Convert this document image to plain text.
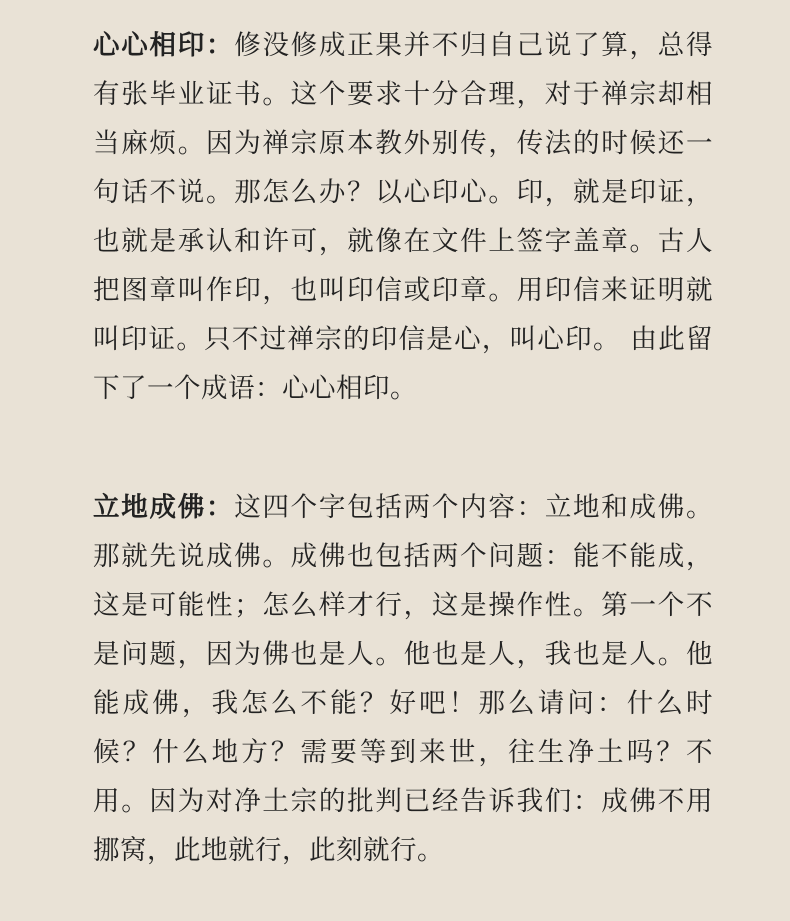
心心相印：修没修成正果并不归自己说了算，总得有张毕业证书。这个要求十分合理，对于禅宗却相当麻烦。因为禅宗原本教外别传，传法的时候还一句话不说。那怎么办？以心印心。印，就是印证，也就是承认和许可，就像在文件上签字盖章。古人把图章叫作印，也叫印信或印章。用印信来证明就叫印证。只不过禅宗的印信是心，叫心印。 由此留下了一个成语：心心相印。

立地成佛：这四个字包括两个内容：立地和成佛。那就先说成佛。成佛也包括两个问题：能不能成，这是可能性；怎么样才行，这是操作性。第一个不是问题，因为佛也是人。他也是人，我也是人。他能成佛，我怎么不能？好吧！那么请问：什么时候？什么地方？需要等到来世，往生净土吗？不用。因为对净土宗的批判已经告诉我们：成佛不用挪窝，此地就行，此刻就行。
